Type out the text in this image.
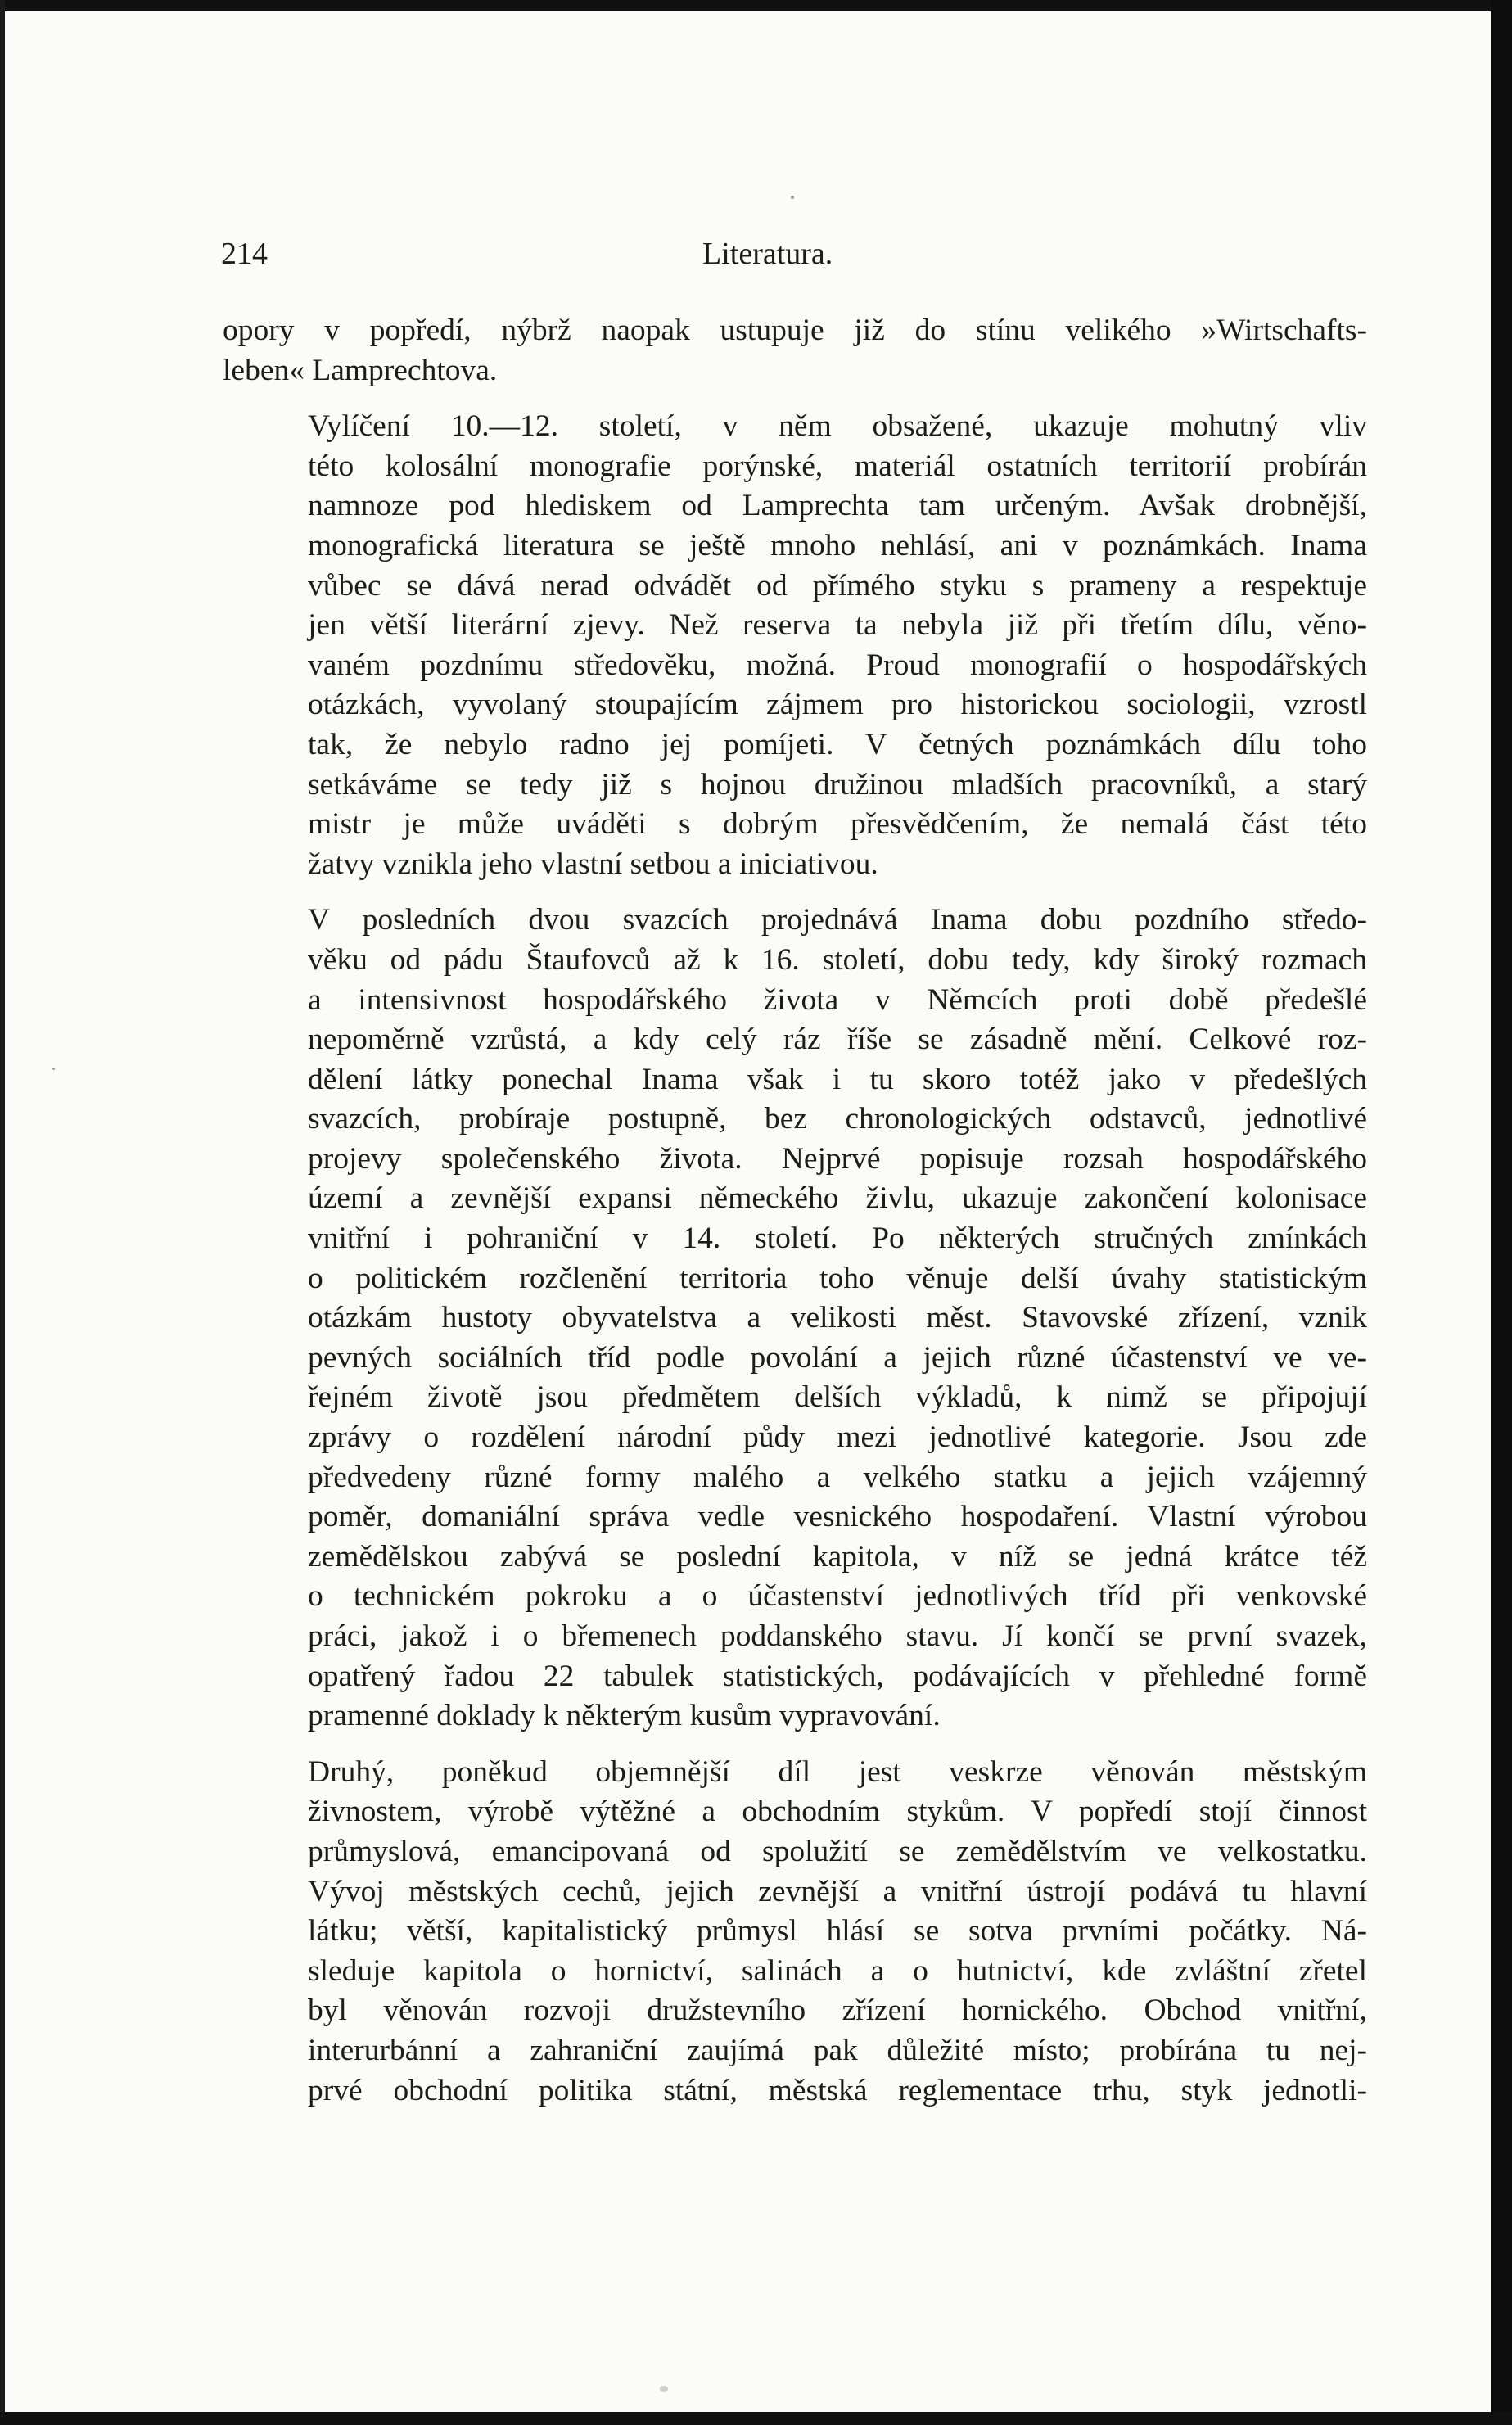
214	Literatura.

opory v popředí, nýbrž naopak ustupuje již do stínu velikého »Wirtschafts-
leben« Lamprechtova.

Vylíčení 10.—12. století, v něm obsažené, ukazuje mohutný vliv
této kolosální monografie porýnské, materiál ostatních territorií probírán
namnoze pod hlediskem od Lamprechta tam určeným. Avšak drobnější,
monografická literatura se ještě mnoho nehlásí, ani v poznámkách. Inama
vůbec se dává nerad odvádět od přímého styku s prameny a respektuje
jen větší literární zjevy. Než reserva ta nebyla již při třetím dílu, věno-
vaném pozdnímu středověku, možná. Proud monografií o hospodářských
otázkách, vyvolaný stoupajícím zájmem pro historickou sociologii, vzrostl
tak, že nebylo radno jej pomíjeti. V četných poznámkách dílu toho
setkáváme se tedy již s hojnou družinou mladších pracovníků, a starý
mistr je může uváděti s dobrým přesvědčením, že nemalá část této
žatvy vznikla jeho vlastní setbou a iniciativou.

V posledních dvou svazcích projednává Inama dobu pozdního středo-
věku od pádu Štaufovců až k 16. století, dobu tedy, kdy široký rozmach
a intensivnost hospodářského života v Němcích proti době předešlé
nepoměrně vzrůstá, a kdy celý ráz říše se zásadně mění. Celkové roz-
dělení látky ponechal Inama však i tu skoro totéž jako v předešlých
svazcích, probíraje postupně, bez chronologických odstavců, jednotlivé
projevy společenského života. Nejprvé popisuje rozsah hospodářského
území a zevnější expansi německého živlu, ukazuje zakončení kolonisace
vnitřní i pohraniční v 14. století. Po některých stručných zmínkách
o politickém rozčlenění territoria toho věnuje delší úvahy statistickým
otázkám hustoty obyvatelstva a velikosti měst. Stavovské zřízení, vznik
pevných sociálních tříd podle povolání a jejich různé účastenství ve ve-
řejném životě jsou předmětem delších výkladů, k nimž se připojují
zprávy o rozdělení národní půdy mezi jednotlivé kategorie. Jsou zde
předvedeny různé formy malého a velkého statku a jejich vzájemný
poměr, domaniální správa vedle vesnického hospodaření. Vlastní výrobou
zemědělskou zabývá se poslední kapitola, v níž se jedná krátce též
o technickém pokroku a o účastenství jednotlivých tříd při venkovské
práci, jakož i o břemenech poddanského stavu. Jí končí se první svazek,
opatřený řadou 22 tabulek statistických, podávajících v přehledné formě
pramenné doklady k některým kusům vypravování.

Druhý, poněkud objemnější díl jest veskrze věnován městským
živnostem, výrobě výtěžné a obchodním stykům. V popředí stojí činnost
průmyslová, emancipovaná od spolužití se zemědělstvím ve velkostatku.
Vývoj městských cechů, jejich zevnější a vnitřní ústrojí podává tu hlavní
látku; větší, kapitalistický průmysl hlásí se sotva prvními počátky. Ná-
sleduje kapitola o hornictví, salinách a o hutnictví, kde zvláštní zřetel
byl věnován rozvoji družstevního zřízení hornického. Obchod vnitřní,
interurbánní a zahraniční zaujímá pak důležité místo; probírána tu nej-
prvé obchodní politika státní, městská reglementace trhu, styk jednotli-
